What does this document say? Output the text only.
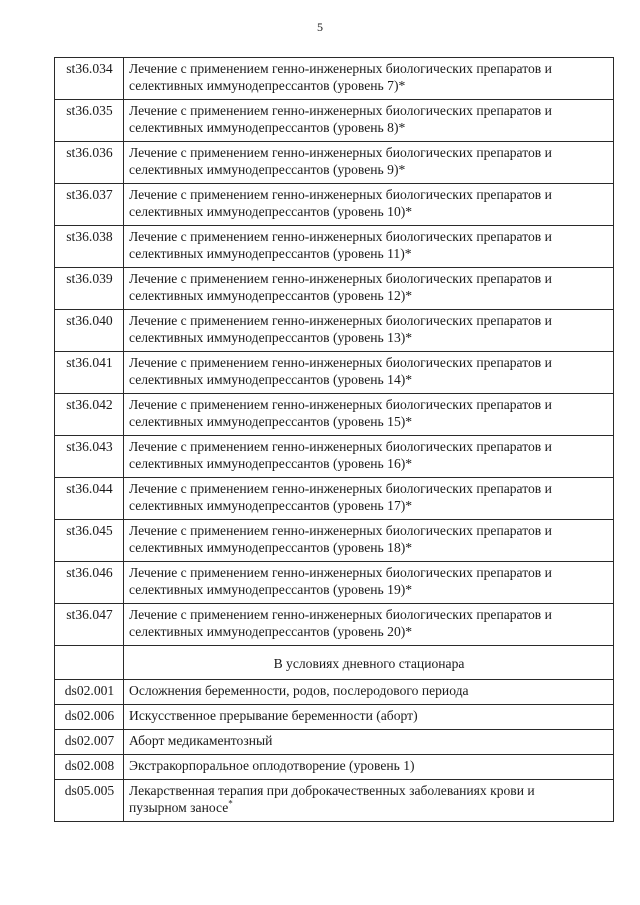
5
st36.034	Лечение с применением генно-инженерных биологических препаратов и
селективных иммунодепрессантов (уровень 7)*
st36.035	Лечение с применением генно-инженерных биологических препаратов и
селективных иммунодепрессантов (уровень 8)*
st36.036	Лечение с применением генно-инженерных биологических препаратов и
селективных иммунодепрессантов (уровень 9)*
st36.037	Лечение с применением генно-инженерных биологических препаратов и
селективных иммунодепрессантов (уровень 10)*
st36.038	Лечение с применением генно-инженерных биологических препаратов и
селективных иммунодепрессантов (уровень 11)*
st36.039	Лечение с применением генно-инженерных биологических препаратов и
селективных иммунодепрессантов (уровень 12)*
st36.040	Лечение с применением генно-инженерных биологических препаратов и
селективных иммунодепрессантов (уровень 13)*
st36.041	Лечение с применением генно-инженерных биологических препаратов и
селективных иммунодепрессантов (уровень 14)*
st36.042	Лечение с применением генно-инженерных биологических препаратов и
селективных иммунодепрессантов (уровень 15)*
st36.043	Лечение с применением генно-инженерных биологических препаратов и
селективных иммунодепрессантов (уровень 16)*
st36.044	Лечение с применением генно-инженерных биологических препаратов и
селективных иммунодепрессантов (уровень 17)*
st36.045	Лечение с применением генно-инженерных биологических препаратов и
селективных иммунодепрессантов (уровень 18)*
st36.046	Лечение с применением генно-инженерных биологических препаратов и
селективных иммунодепрессантов (уровень 19)*
st36.047	Лечение с применением генно-инженерных биологических препаратов и
селективных иммунодепрессантов (уровень 20)*
	В условиях дневного стационара
ds02.001	Осложнения беременности, родов, послеродового периода
ds02.006	Искусственное прерывание беременности (аборт)
ds02.007	Аборт медикаментозный
ds02.008	Экстракорпоральное оплодотворение (уровень 1)
ds05.005	Лекарственная терапия при доброкачественных заболеваниях крови и
пузырном заносе*
